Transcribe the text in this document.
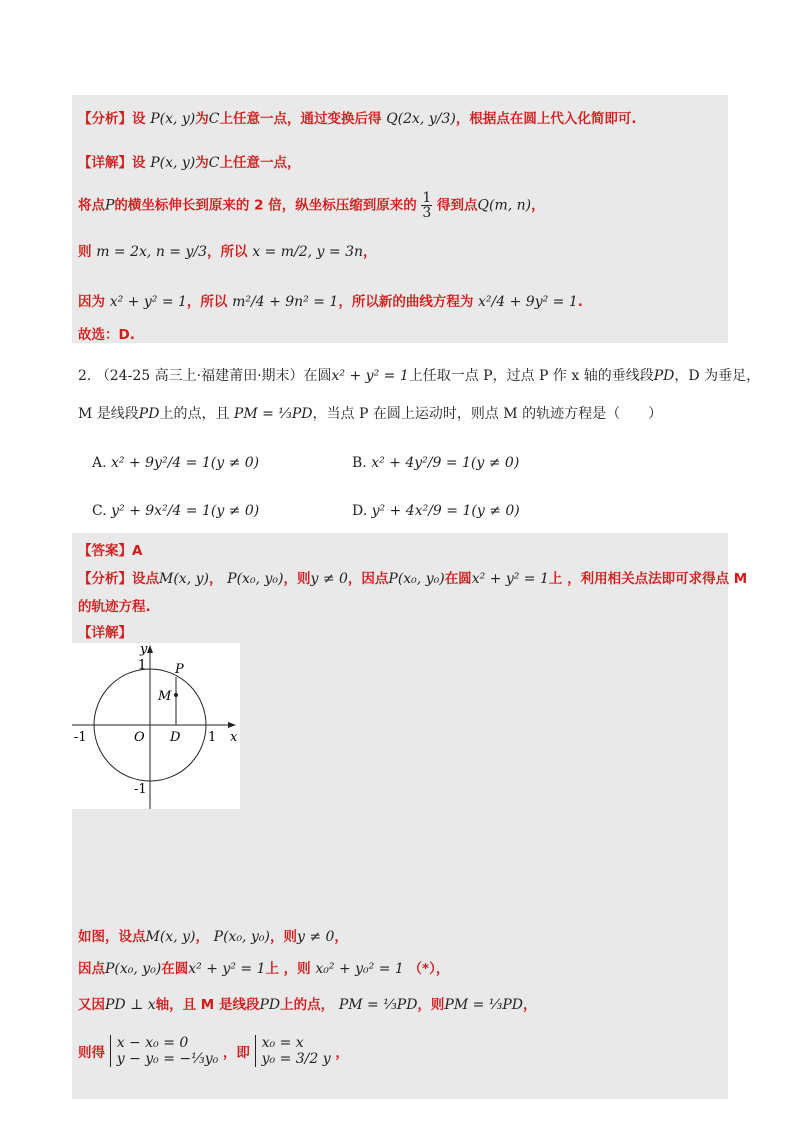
【分析】设 P(x, y)为C上任意一点，通过变换后得 Q(2x, y/3)，根据点在圆上代入化简即可.
【详解】设 P(x, y)为C上任意一点，
将点P的横坐标伸长到原来的 2 倍，纵坐标压缩到原来的 $\frac{1}{3}$ 得到点Q(m, n)，
则 m = 2x, n = y/3，所以 x = m/2, y = 3n，
因为 x² + y² = 1，所以 m²/4 + 9n² = 1，所以新的曲线方程为 x²/4 + 9y² = 1.
故选：D.
2. （24-25 高三上·福建莆田·期末）在圆x² + y² = 1上任取一点 P，过点 P 作 x 轴的垂线段PD，D 为垂足，
M 是线段PD上的点，且 PM = ⅓PD，当点 P 在圆上运动时，则点 M 的轨迹方程是（　　）
A. x² + 9y²/4 = 1(y ≠ 0)	B. x² + 4y²/9 = 1(y ≠ 0)
C. y² + 9x²/4 = 1(y ≠ 0)	D. y² + 4x²/9 = 1(y ≠ 0)
【答案】A
【分析】设点M(x, y)， P(x₀, y₀)，则y ≠ 0，因点P(x₀, y₀)在圆x² + y² = 1上 ，利用相关点法即可求得点 M
的轨迹方程.
【详解】
y
x
O D
P
M
1
-1	1
-1
如图，设点M(x, y)， P(x₀, y₀)，则y ≠ 0，
因点P(x₀, y₀)在圆x² + y² = 1上 ，则 x₀² + y₀² = 1 （*），
又因PD ⊥ x轴，且 M 是线段PD上的点， PM = ⅓PD，则PM = ⅓PD，
则得
x − x₀ = 0
y − y₀ = −⅓y₀ ，即
x₀ = x
y₀ = 3/2 y ，
